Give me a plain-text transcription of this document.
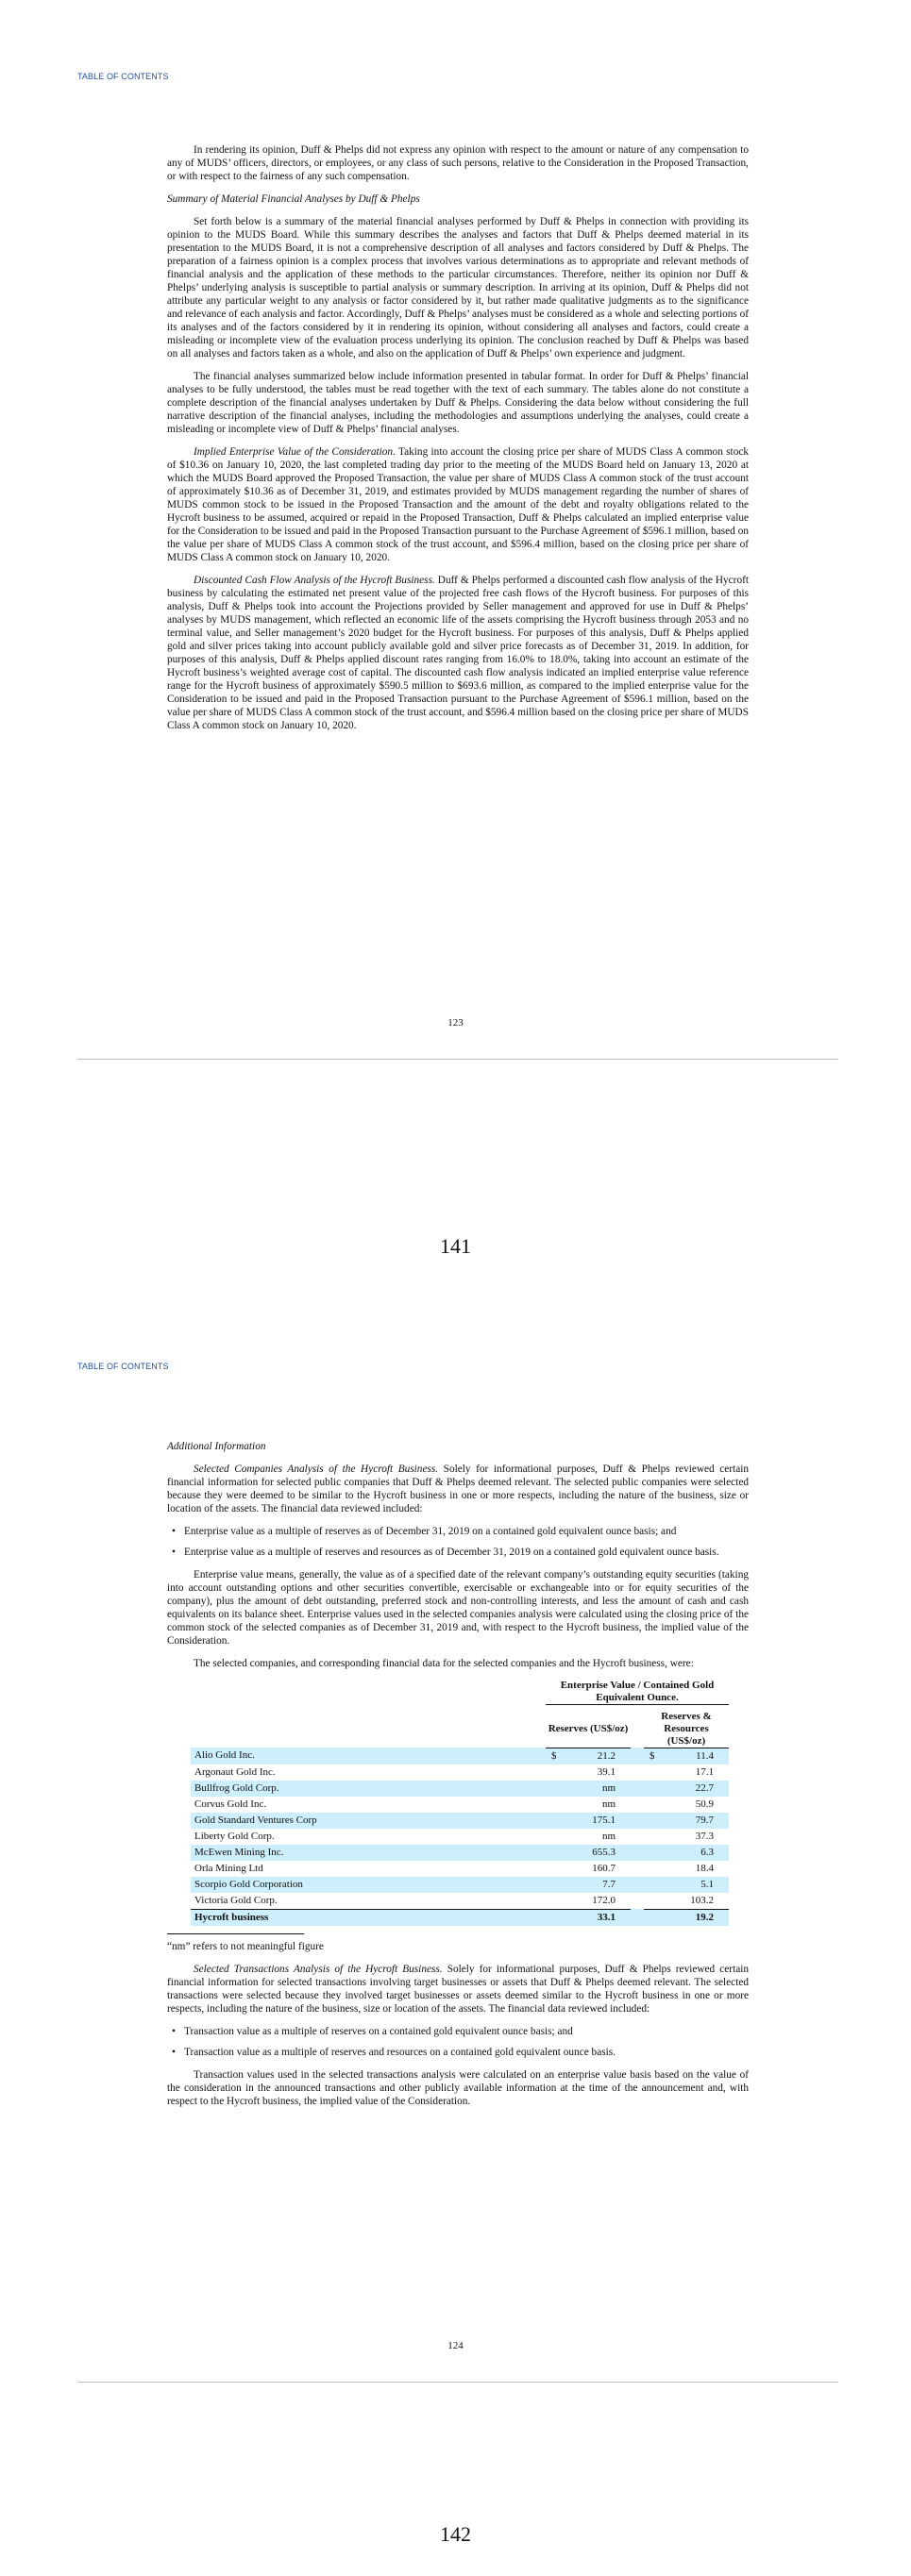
TABLE OF CONTENTS

In rendering its opinion, Duff & Phelps did not express any opinion with respect to the amount or nature of any compensation to any of MUDS’ officers, directors, or employees, or any class of such persons, relative to the Consideration in the Proposed Transaction, or with respect to the fairness of any such compensation.

Summary of Material Financial Analyses by Duff & Phelps

Set forth below is a summary of the material financial analyses performed by Duff & Phelps in connection with providing its opinion to the MUDS Board. While this summary describes the analyses and factors that Duff & Phelps deemed material in its presentation to the MUDS Board, it is not a comprehensive description of all analyses and factors considered by Duff & Phelps. The preparation of a fairness opinion is a complex process that involves various determinations as to appropriate and relevant methods of financial analysis and the application of these methods to the particular circumstances. Therefore, neither its opinion nor Duff & Phelps’ underlying analysis is susceptible to partial analysis or summary description. In arriving at its opinion, Duff & Phelps did not attribute any particular weight to any analysis or factor considered by it, but rather made qualitative judgments as to the significance and relevance of each analysis and factor. Accordingly, Duff & Phelps’ analyses must be considered as a whole and selecting portions of its analyses and of the factors considered by it in rendering its opinion, without considering all analyses and factors, could create a misleading or incomplete view of the evaluation process underlying its opinion. The conclusion reached by Duff & Phelps was based on all analyses and factors taken as a whole, and also on the application of Duff & Phelps’ own experience and judgment.

The financial analyses summarized below include information presented in tabular format. In order for Duff & Phelps’ financial analyses to be fully understood, the tables must be read together with the text of each summary. The tables alone do not constitute a complete description of the financial analyses undertaken by Duff & Phelps. Considering the data below without considering the full narrative description of the financial analyses, including the methodologies and assumptions underlying the analyses, could create a misleading or incomplete view of Duff & Phelps’ financial analyses.

Implied Enterprise Value of the Consideration. Taking into account the closing price per share of MUDS Class A common stock of $10.36 on January 10, 2020, the last completed trading day prior to the meeting of the MUDS Board held on January 13, 2020 at which the MUDS Board approved the Proposed Transaction, the value per share of MUDS Class A common stock of the trust account of approximately $10.36 as of December 31, 2019, and estimates provided by MUDS management regarding the number of shares of MUDS common stock to be issued in the Proposed Transaction and the amount of the debt and royalty obligations related to the Hycroft business to be assumed, acquired or repaid in the Proposed Transaction, Duff & Phelps calculated an implied enterprise value for the Consideration to be issued and paid in the Proposed Transaction pursuant to the Purchase Agreement of $596.1 million, based on the value per share of MUDS Class A common stock of the trust account, and $596.4 million, based on the closing price per share of MUDS Class A common stock on January 10, 2020.

Discounted Cash Flow Analysis of the Hycroft Business. Duff & Phelps performed a discounted cash flow analysis of the Hycroft business by calculating the estimated net present value of the projected free cash flows of the Hycroft business. For purposes of this analysis, Duff & Phelps took into account the Projections provided by Seller management and approved for use in Duff & Phelps’ analyses by MUDS management, which reflected an economic life of the assets comprising the Hycroft business through 2053 and no terminal value, and Seller management’s 2020 budget for the Hycroft business. For purposes of this analysis, Duff & Phelps applied gold and silver prices taking into account publicly available gold and silver price forecasts as of December 31, 2019. In addition, for purposes of this analysis, Duff & Phelps applied discount rates ranging from 16.0% to 18.0%, taking into account an estimate of the Hycroft business’s weighted average cost of capital. The discounted cash flow analysis indicated an implied enterprise value reference range for the Hycroft business of approximately $590.5 million to $693.6 million, as compared to the implied enterprise value for the Consideration to be issued and paid in the Proposed Transaction pursuant to the Purchase Agreement of $596.1 million, based on the value per share of MUDS Class A common stock of the trust account, and $596.4 million based on the closing price per share of MUDS Class A common stock on January 10, 2020.

123
141
TABLE OF CONTENTS

Additional Information

Selected Companies Analysis of the Hycroft Business. Solely for informational purposes, Duff & Phelps reviewed certain financial information for selected public companies that Duff & Phelps deemed relevant. The selected public companies were selected because they were deemed to be similar to the Hycroft business in one or more respects, including the nature of the business, size or location of the assets. The financial data reviewed included:

• Enterprise value as a multiple of reserves as of December 31, 2019 on a contained gold equivalent ounce basis; and
• Enterprise value as a multiple of reserves and resources as of December 31, 2019 on a contained gold equivalent ounce basis.

Enterprise value means, generally, the value as of a specified date of the relevant company’s outstanding equity securities (taking into account outstanding options and other securities convertible, exercisable or exchangeable into or for equity securities of the company), plus the amount of debt outstanding, preferred stock and non-controlling interests, and less the amount of cash and cash equivalents on its balance sheet. Enterprise values used in the selected companies analysis were calculated using the closing price of the common stock of the selected companies as of December 31, 2019 and, with respect to the Hycroft business, the implied value of the Consideration.

The selected companies, and corresponding financial data for the selected companies and the Hycroft business, were:

	Enterprise Value / Contained Gold Equivalent Ounce.		

	Reserves (US$/oz)		Reserves & Resources (US$/oz)
Alio Gold Inc.	$ 21.2		$ 11.4
Argonaut Gold Inc.	39.1		17.1
Bullfrog Gold Corp.	nm		22.7
Corvus Gold Inc.	nm		50.9
Gold Standard Ventures Corp	175.1		79.7
Liberty Gold Corp.	nm		37.3
McEwen Mining Inc.	655.3		6.3
Orla Mining Ltd	160.7		18.4
Scorpio Gold Corporation	7.7		5.1
Victoria Gold Corp.	172.0		103.2
Hycroft business	33.1		19.2

“nm” refers to not meaningful figure

Selected Transactions Analysis of the Hycroft Business. Solely for informational purposes, Duff & Phelps reviewed certain financial information for selected transactions involving target businesses or assets that Duff & Phelps deemed relevant. The selected transactions were selected because they involved target businesses or assets deemed similar to the Hycroft business in one or more respects, including the nature of the business, size or location of the assets. The financial data reviewed included:

• Transaction value as a multiple of reserves on a contained gold equivalent ounce basis; and
• Transaction value as a multiple of reserves and resources on a contained gold equivalent ounce basis.

Transaction values used in the selected transactions analysis were calculated on an enterprise value basis based on the value of the consideration in the announced transactions and other publicly available information at the time of the announcement and, with respect to the Hycroft business, the implied value of the Consideration.

124
142
